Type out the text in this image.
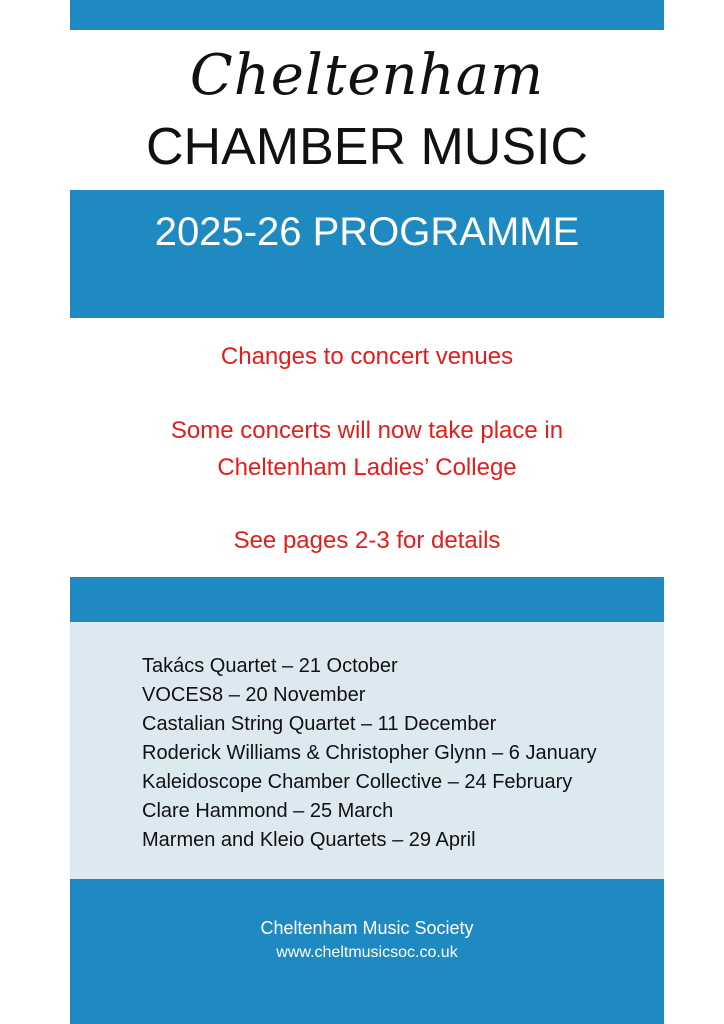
Cheltenham
CHAMBER MUSIC
2025-26 PROGRAMME
Changes to concert venues
Some concerts will now take place in
Cheltenham Ladies’ College
See pages 2-3 for details
Takács Quartet – 21 October
VOCES8 – 20 November
Castalian String Quartet – 11 December
Roderick Williams & Christopher Glynn – 6 January
Kaleidoscope Chamber Collective – 24 February
Clare Hammond – 25 March
Marmen and Kleio Quartets – 29 April
Cheltenham Music Society
www.cheltmusicsoc.co.uk
